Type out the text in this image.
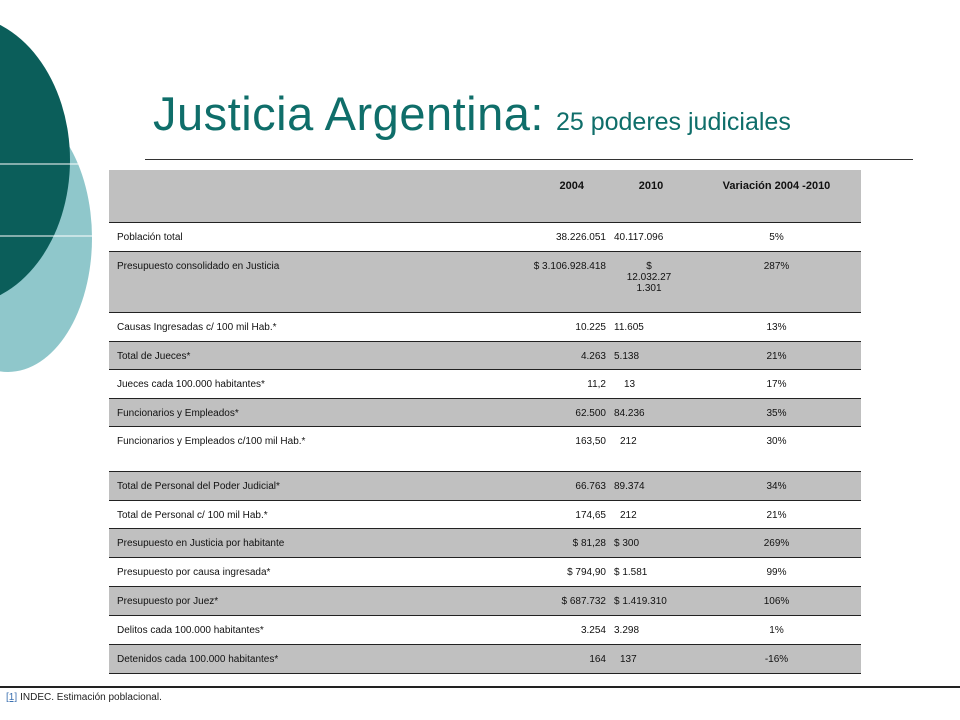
Justicia Argentina: 25 poderes judiciales
	2004	2010	Variación 2004 -2010
Población total	38.226.051	40.117.096	5%
Presupuesto consolidado en Justicia	$ 3.106.928.418	$
12.032.27
1.301	287%
Causas Ingresadas c/ 100 mil Hab.*	10.225	11.605	13%
Total de Jueces*	4.263	5.138	21%
Jueces cada 100.000 habitantes*	11,2	13	17%
Funcionarios y Empleados*	62.500	84.236	35%
Funcionarios y Empleados c/100 mil Hab.*	163,50	212	30%
Total de Personal del Poder Judicial*	66.763	89.374	34%
Total de Personal c/ 100 mil Hab.*	174,65	212	21%
Presupuesto en Justicia por habitante	$ 81,28	$ 300	269%
Presupuesto por causa ingresada*	$ 794,90	$ 1.581	99%
Presupuesto por Juez*	$ 687.732	$ 1.419.310	106%
Delitos cada 100.000 habitantes*	3.254	3.298	1%
Detenidos cada 100.000 habitantes*	164	137	-16%
[1] INDEC. Estimación poblacional.
